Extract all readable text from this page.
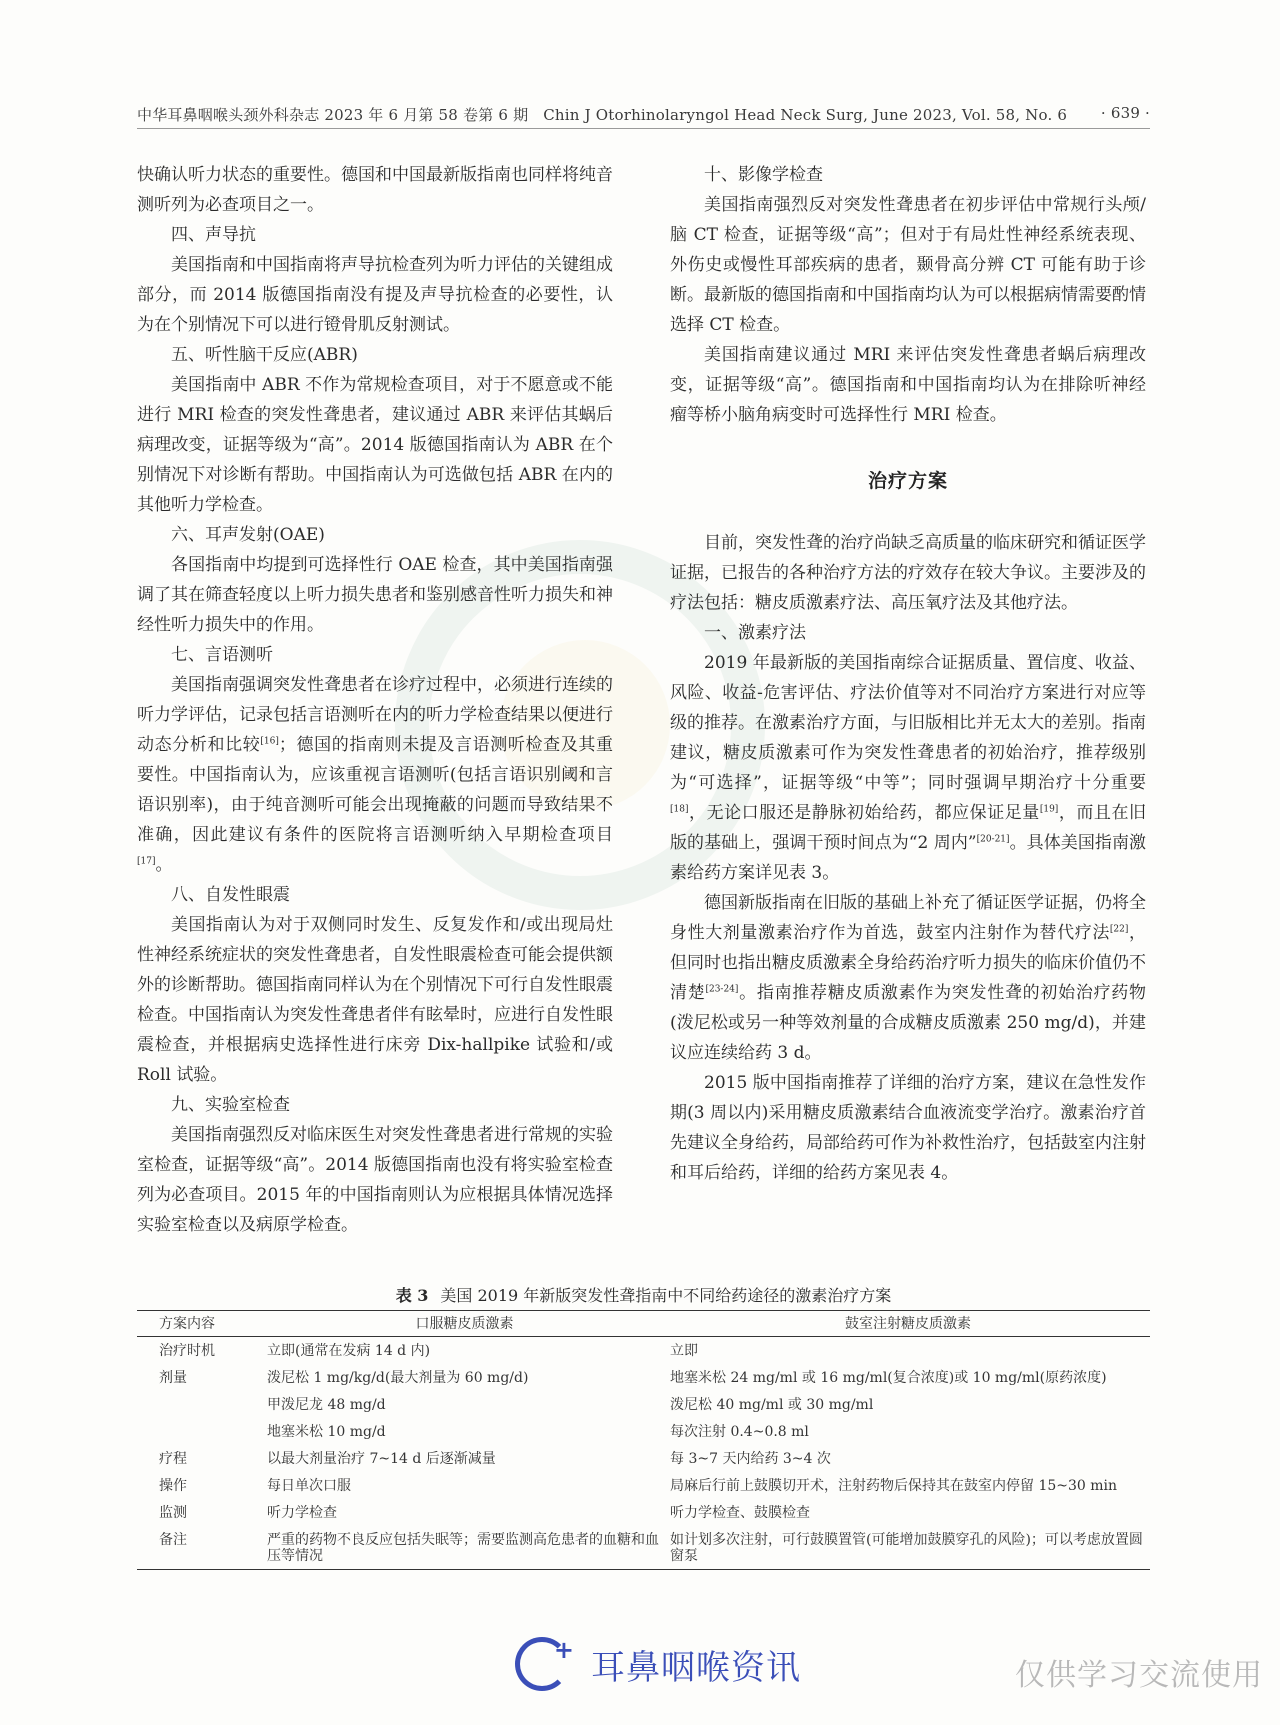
中华耳鼻咽喉头颈外科杂志 2023 年 6 月第 58 卷第 6 期 Chin J Otorhinolaryngol Head Neck Surg, June 2023, Vol. 58, No. 6 · 639 ·

快确认听力状态的重要性。德国和中国最新版指南也同样将纯音测听列为必查项目之一。

四、声导抗

美国指南和中国指南将声导抗检查列为听力评估的关键组成部分，而 2014 版德国指南没有提及声导抗检查的必要性，认为在个别情况下可以进行镫骨肌反射测试。

五、听性脑干反应(ABR)

美国指南中 ABR 不作为常规检查项目，对于不愿意或不能进行 MRI 检查的突发性聋患者，建议通过 ABR 来评估其蜗后病理改变，证据等级为“高”。2014 版德国指南认为 ABR 在个别情况下对诊断有帮助。中国指南认为可选做包括 ABR 在内的其他听力学检查。

六、耳声发射(OAE)

各国指南中均提到可选择性行 OAE 检查，其中美国指南强调了其在筛查轻度以上听力损失患者和鉴别感音性听力损失和神经性听力损失中的作用。

七、言语测听

美国指南强调突发性聋患者在诊疗过程中，必须进行连续的听力学评估，记录包括言语测听在内的听力学检查结果以便进行动态分析和比较[16]；德国的指南则未提及言语测听检查及其重要性。中国指南认为，应该重视言语测听(包括言语识别阈和言语识别率)，由于纯音测听可能会出现掩蔽的问题而导致结果不准确，因此建议有条件的医院将言语测听纳入早期检查项目[17]。

八、自发性眼震

美国指南认为对于双侧同时发生、反复发作和/或出现局灶性神经系统症状的突发性聋患者，自发性眼震检查可能会提供额外的诊断帮助。德国指南同样认为在个别情况下可行自发性眼震检查。中国指南认为突发性聋患者伴有眩晕时，应进行自发性眼震检查，并根据病史选择性进行床旁 Dix-hallpike 试验和/或 Roll 试验。

九、实验室检查

美国指南强烈反对临床医生对突发性聋患者进行常规的实验室检查，证据等级“高”。2014 版德国指南也没有将实验室检查列为必查项目。2015 年的中国指南则认为应根据具体情况选择实验室检查以及病原学检查。

十、影像学检查

美国指南强烈反对突发性聋患者在初步评估中常规行头颅/脑 CT 检查，证据等级“高”；但对于有局灶性神经系统表现、外伤史或慢性耳部疾病的患者，颞骨高分辨 CT 可能有助于诊断。最新版的德国指南和中国指南均认为可以根据病情需要酌情选择 CT 检查。

美国指南建议通过 MRI 来评估突发性聋患者蜗后病理改变，证据等级“高”。德国指南和中国指南均认为在排除听神经瘤等桥小脑角病变时可选择性行 MRI 检查。

治疗方案

目前，突发性聋的治疗尚缺乏高质量的临床研究和循证医学证据，已报告的各种治疗方法的疗效存在较大争议。主要涉及的疗法包括：糖皮质激素疗法、高压氧疗法及其他疗法。

一、激素疗法

2019 年最新版的美国指南综合证据质量、置信度、收益、风险、收益-危害评估、疗法价值等对不同治疗方案进行对应等级的推荐。在激素治疗方面，与旧版相比并无太大的差别。指南建议，糖皮质激素可作为突发性聋患者的初始治疗，推荐级别为“可选择”，证据等级“中等”；同时强调早期治疗十分重要[18]，无论口服还是静脉初始给药，都应保证足量[19]，而且在旧版的基础上，强调干预时间点为“2 周内”[20-21]。具体美国指南激素给药方案详见表 3。

德国新版指南在旧版的基础上补充了循证医学证据，仍将全身性大剂量激素治疗作为首选，鼓室内注射作为替代疗法[22]，但同时也指出糖皮质激素全身给药治疗听力损失的临床价值仍不清楚[23-24]。指南推荐糖皮质激素作为突发性聋的初始治疗药物(泼尼松或另一种等效剂量的合成糖皮质激素 250 mg/d)，并建议应连续给药 3 d。

2015 版中国指南推荐了详细的治疗方案，建议在急性发作期(3 周以内)采用糖皮质激素结合血液流变学治疗。激素治疗首先建议全身给药，局部给药可作为补救性治疗，包括鼓室内注射和耳后给药，详细的给药方案见表 4。

表 3 美国 2019 年新版突发性聋指南中不同给药途径的激素治疗方案
方案内容	口服糖皮质激素	鼓室注射糖皮质激素
治疗时机	立即(通常在发病 14 d 内)	立即
剂量	泼尼松 1 mg/kg/d(最大剂量为 60 mg/d)	地塞米松 24 mg/ml 或 16 mg/ml(复合浓度)或 10 mg/ml(原药浓度)
	甲泼尼龙 48 mg/d	泼尼松 40 mg/ml 或 30 mg/ml
	地塞米松 10 mg/d	每次注射 0.4~0.8 ml
疗程	以最大剂量治疗 7~14 d 后逐渐减量	每 3~7 天内给药 3~4 次
操作	每日单次口服	局麻后行前上鼓膜切开术，注射药物后保持其在鼓室内停留 15~30 min
监测	听力学检查	听力学检查、鼓膜检查
备注	严重的药物不良反应包括失眠等；需要监测高危患者的血糖和血压等情况	如计划多次注射，可行鼓膜置管(可能增加鼓膜穿孔的风险)；可以考虑放置圆窗泵
+ 耳鼻咽喉资讯	仅供学习交流使用
